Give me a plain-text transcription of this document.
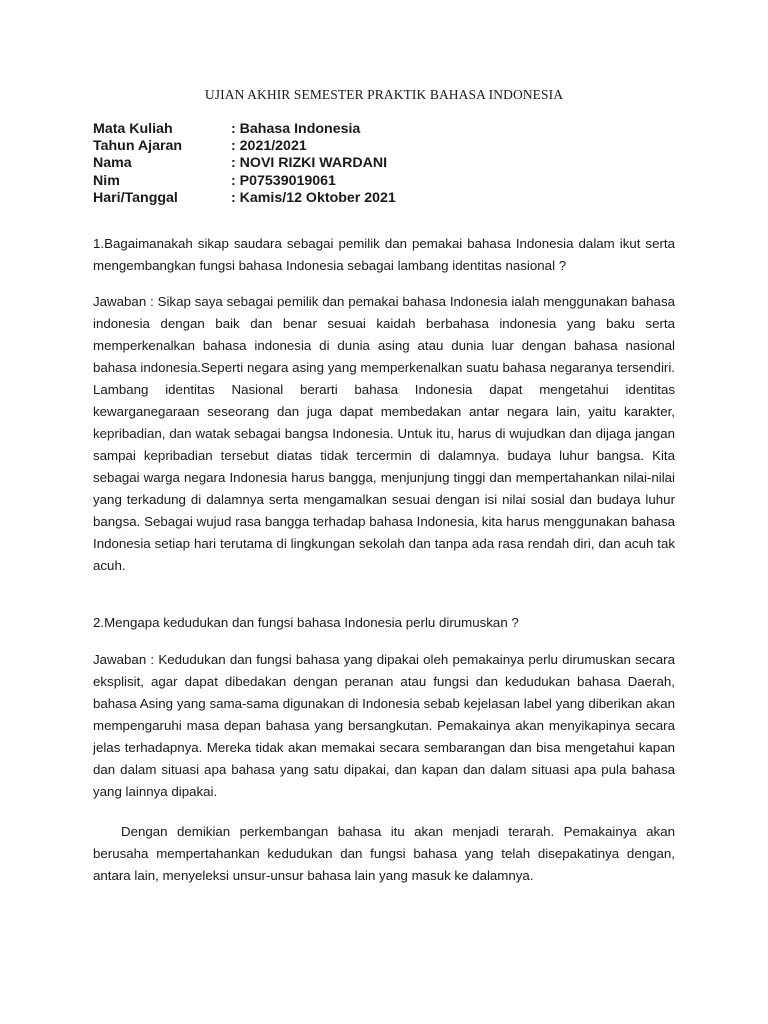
UJIAN AKHIR SEMESTER PRAKTIK BAHASA INDONESIA
Mata Kuliah	: Bahasa Indonesia
Tahun Ajaran	: 2021/2021
Nama	: NOVI RIZKI WARDANI
Nim	: P07539019061
Hari/Tanggal	: Kamis/12 Oktober 2021
1.Bagaimanakah sikap saudara sebagai pemilik dan pemakai bahasa Indonesia dalam ikut serta mengembangkan fungsi bahasa Indonesia sebagai lambang identitas nasional ?
Jawaban : Sikap saya sebagai pemilik dan pemakai bahasa Indonesia ialah menggunakan bahasa indonesia dengan baik dan benar sesuai kaidah berbahasa indonesia yang baku serta memperkenalkan bahasa indonesia di dunia asing atau dunia luar dengan bahasa nasional bahasa indonesia.Seperti negara asing yang memperkenalkan suatu bahasa negaranya tersendiri. Lambang identitas Nasional berarti bahasa Indonesia dapat mengetahui identitas kewarganegaraan seseorang dan juga dapat membedakan antar negara lain, yaitu karakter, kepribadian, dan watak sebagai bangsa Indonesia. Untuk itu, harus di wujudkan dan dijaga jangan sampai kepribadian tersebut diatas tidak tercermin di dalamnya. budaya luhur bangsa. Kita sebagai warga negara Indonesia harus bangga, menjunjung tinggi dan mempertahankan nilai-nilai yang terkadung di dalamnya serta mengamalkan sesuai dengan isi nilai sosial dan budaya luhur bangsa. Sebagai wujud rasa bangga terhadap bahasa Indonesia, kita harus menggunakan bahasa Indonesia setiap hari terutama di lingkungan sekolah dan tanpa ada rasa rendah diri, dan acuh tak acuh.
2.Mengapa kedudukan dan fungsi bahasa Indonesia perlu dirumuskan ?
Jawaban : Kedudukan dan fungsi bahasa yang dipakai oleh pemakainya perlu dirumuskan secara eksplisit, agar dapat dibedakan dengan peranan atau fungsi dan kedudukan bahasa Daerah, bahasa Asing yang sama-sama digunakan di Indonesia sebab kejelasan label yang diberikan akan mempengaruhi masa depan bahasa yang bersangkutan. Pemakainya akan menyikapinya secara jelas terhadapnya. Mereka tidak akan memakai secara sembarangan dan bisa mengetahui kapan dan dalam situasi apa bahasa yang satu dipakai, dan kapan dan dalam situasi apa pula bahasa yang lainnya dipakai.
Dengan demikian perkembangan bahasa itu akan menjadi terarah. Pemakainya akan berusaha mempertahankan kedudukan dan fungsi bahasa yang telah disepakatinya dengan, antara lain, menyeleksi unsur-unsur bahasa lain yang masuk ke dalamnya.
